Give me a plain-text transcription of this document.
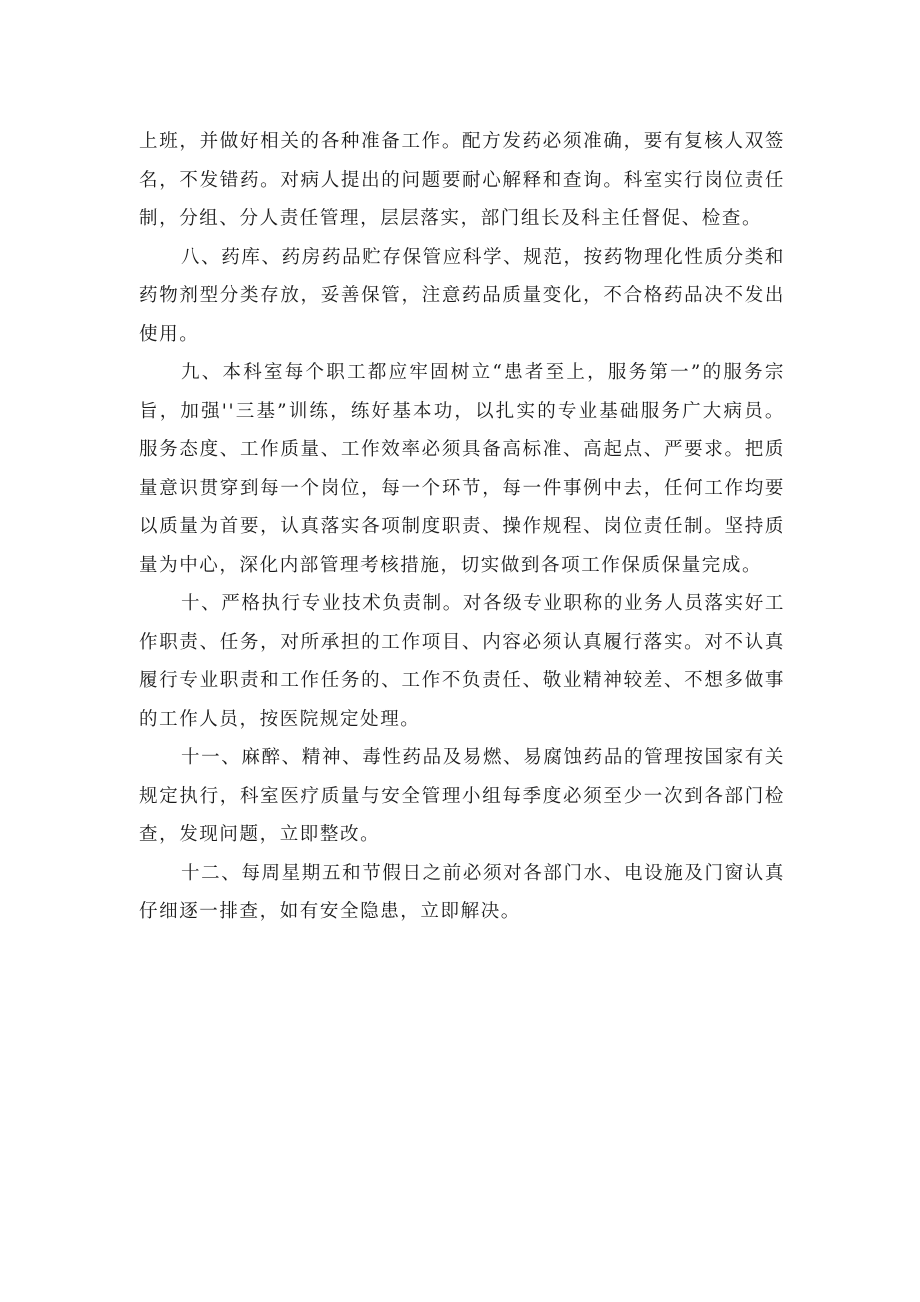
上班，并做好相关的各种准备工作。配方发药必须准确，要有复核人双签名，不发错药。对病人提出的问题要耐心解释和查询。科室实行岗位责任制，分组、分人责任管理，层层落实，部门组长及科主任督促、检查。

八、药库、药房药品贮存保管应科学、规范，按药物理化性质分类和药物剂型分类存放，妥善保管，注意药品质量变化，不合格药品决不发出使用。

九、本科室每个职工都应牢固树立“患者至上，服务第一”的服务宗旨，加强''三基”训练，练好基本功，以扎实的专业基础服务广大病员。服务态度、工作质量、工作效率必须具备高标准、高起点、严要求。把质量意识贯穿到每一个岗位，每一个环节，每一件事例中去，任何工作均要以质量为首要，认真落实各项制度职责、操作规程、岗位责任制。坚持质量为中心，深化内部管理考核措施，切实做到各项工作保质保量完成。

十、严格执行专业技术负责制。对各级专业职称的业务人员落实好工作职责、任务，对所承担的工作项目、内容必须认真履行落实。对不认真履行专业职责和工作任务的、工作不负责任、敬业精神较差、不想多做事的工作人员，按医院规定处理。

十一、麻醉、精神、毒性药品及易燃、易腐蚀药品的管理按国家有关规定执行，科室医疗质量与安全管理小组每季度必须至少一次到各部门检查，发现问题，立即整改。

十二、每周星期五和节假日之前必须对各部门水、电设施及门窗认真仔细逐一排查，如有安全隐患，立即解决。
